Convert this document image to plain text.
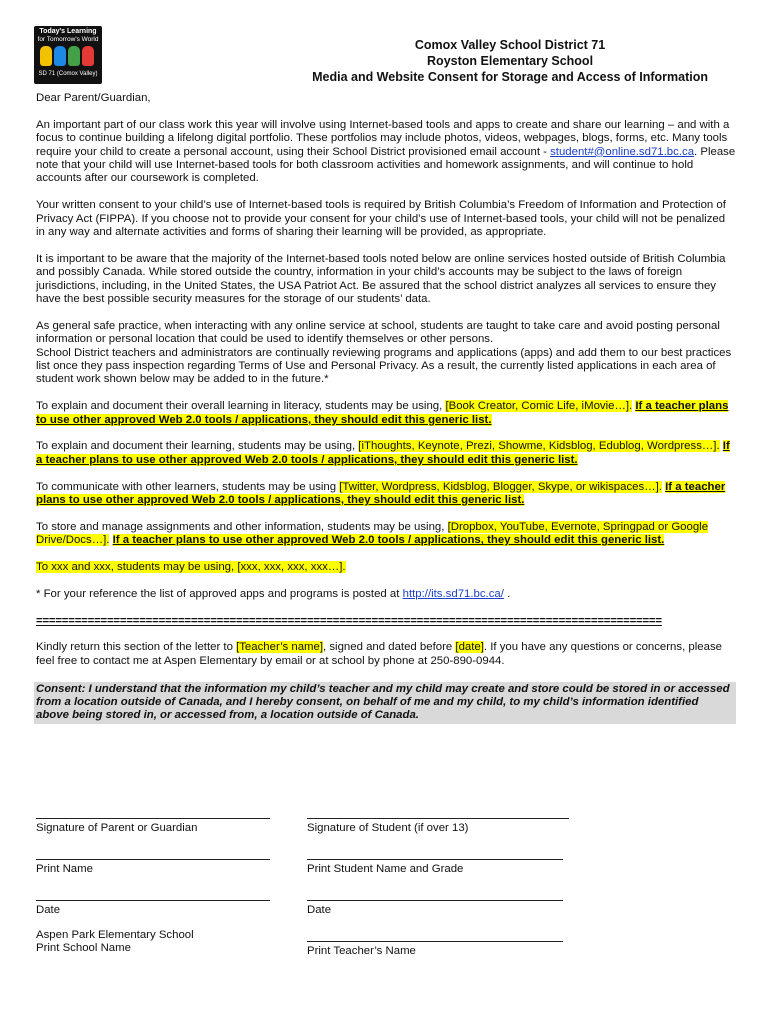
Today's Learning
for Tomorrow's World
SD 71 (Comox Valley)
Comox Valley School District 71
Royston Elementary School
Media and Website Consent for Storage and Access of Information

Dear Parent/Guardian,

An important part of our class work this year will involve using Internet-based tools and apps to create and share our learning – and with a focus to continue building a lifelong digital portfolio. These portfolios may include photos, videos, webpages, blogs, forms, etc. Many tools require your child to create a personal account, using their School District provisioned email account - student#@online.sd71.bc.ca. Please note that your child will use Internet-based tools for both classroom activities and homework assignments, and will continue to hold accounts after our coursework is completed.

Your written consent to your child’s use of Internet-based tools is required by British Columbia’s Freedom of Information and Protection of Privacy Act (FIPPA). If you choose not to provide your consent for your child’s use of Internet-based tools, your child will not be penalized in any way and alternate activities and forms of sharing their learning will be provided, as appropriate.

It is important to be aware that the majority of the Internet-based tools noted below are online services hosted outside of British Columbia and possibly Canada. While stored outside the country, information in your child’s accounts may be subject to the laws of foreign jurisdictions, including, in the United States, the USA Patriot Act. Be assured that the school district analyzes all services to ensure they have the best possible security measures for the storage of our students’ data.

As general safe practice, when interacting with any online service at school, students are taught to take care and avoid posting personal information or personal location that could be used to identify themselves or other persons.
School District teachers and administrators are continually reviewing programs and applications (apps) and add them to our best practices list once they pass inspection regarding Terms of Use and Personal Privacy. As a result, the currently listed applications in each area of student work shown below may be added to in the future.*

To explain and document their overall learning in literacy, students may be using, [Book Creator, Comic Life, iMovie…]. If a teacher plans to use other approved Web 2.0 tools / applications, they should edit this generic list.

To explain and document their learning, students may be using, [iThoughts, Keynote, Prezi, Showme, Kidsblog, Edublog, Wordpress…]. If a teacher plans to use other approved Web 2.0 tools / applications, they should edit this generic list.

To communicate with other learners, students may be using [Twitter, Wordpress, Kidsblog, Blogger, Skype, or wikispaces…]. If a teacher plans to use other approved Web 2.0 tools / applications, they should edit this generic list.

To store and manage assignments and other information, students may be using, [Dropbox, YouTube, Evernote, Springpad or Google Drive/Docs…]. If a teacher plans to use other approved Web 2.0 tools / applications, they should edit this generic list.

To xxx and xxx, students may be using, [xxx, xxx, xxx, xxx…].

* For your reference the list of approved apps and programs is posted at http://its.sd71.bc.ca/ .

=================================================================================================

Kindly return this section of the letter to [Teacher’s name], signed and dated before [date]. If you have any questions or concerns, please feel free to contact me at Aspen Elementary by email or at school by phone at 250-890-0944.

Consent: I understand that the information my child’s teacher and my child may create and store could be stored in or accessed from a location outside of Canada, and I hereby consent, on behalf of me and my child, to my child’s information identified above being stored in, or accessed from, a location outside of Canada.
Signature of Parent or Guardian	Signature of Student (if over 13)
Print Name	Print Student Name and Grade
Date	Date
Aspen Park Elementary School
Print School Name	Print Teacher’s Name
